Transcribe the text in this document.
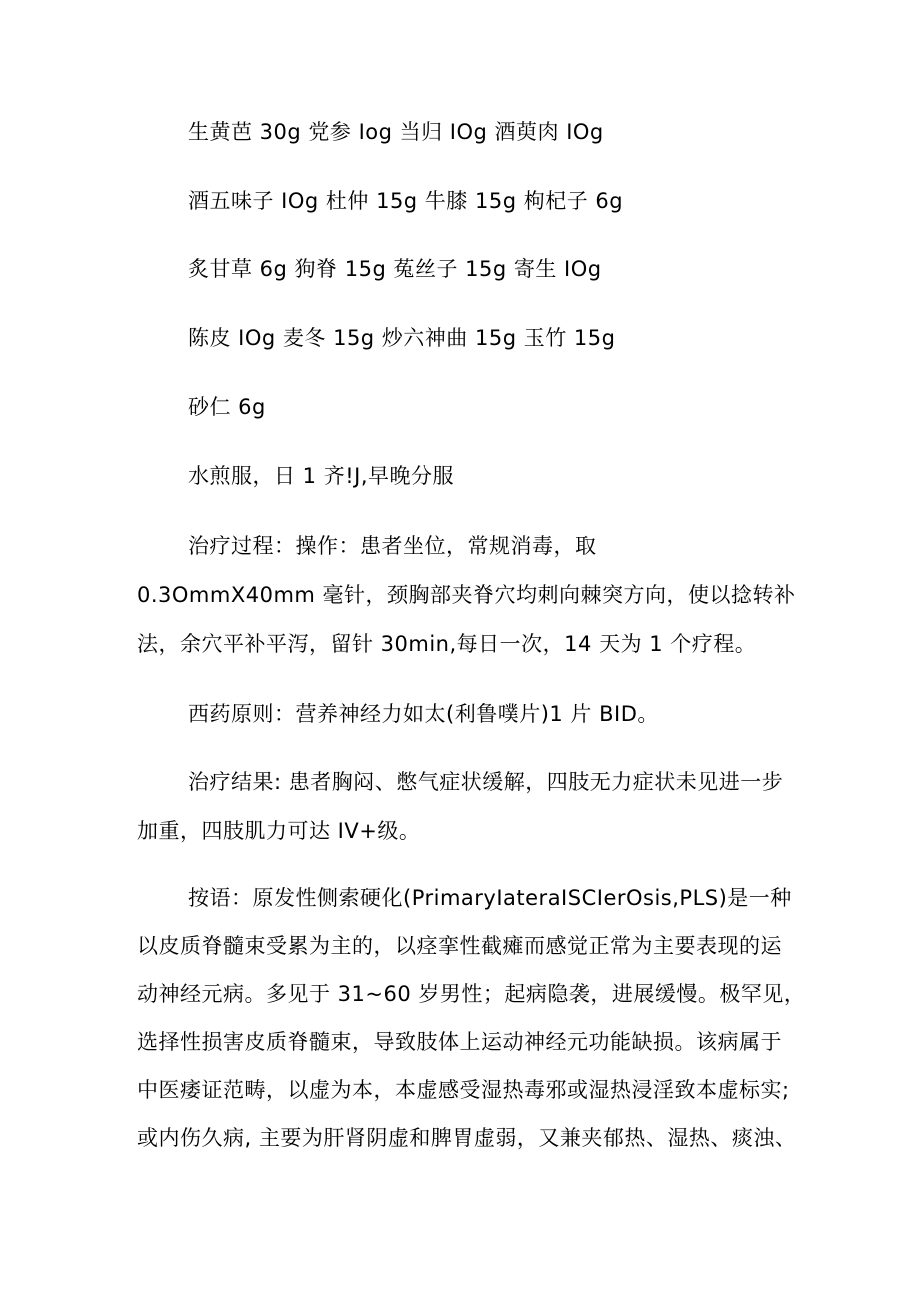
生黄芭 30g 党参 Iog 当归 IOg 酒萸肉 IOg
酒五味子 IOg 杜仲 15g 牛膝 15g 枸杞子 6g
炙甘草 6g 狗脊 15g 菟丝子 15g 寄生 IOg
陈皮 IOg 麦冬 15g 炒六神曲 15g 玉竹 15g
砂仁 6g
水煎服，日 1 齐!J,早晚分服
治疗过程：操作：患者坐位，常规消毒，取
0.3OmmX40mm 毫针，颈胸部夹脊穴均刺向棘突方向，使以捻转补
法，余穴平补平泻，留针 30min,每日一次，14 天为 1 个疗程。
西药原则：营养神经力如太(利鲁噗片)1 片 BID。
治疗结果: 患者胸闷、憋气症状缓解，四肢无力症状未见进一步
加重，四肢肌力可达 IV+级。
按语：原发性侧索硬化(PrimaryIateraISCIerOsis,PLS)是一种
以皮质脊髓束受累为主的，以痉挛性截瘫而感觉正常为主要表现的运
动神经元病。多见于 31~60 岁男性；起病隐袭，进展缓慢。极罕见，
选择性损害皮质脊髓束，导致肢体上运动神经元功能缺损。该病属于
中医痿证范畴，以虚为本，本虚感受湿热毒邪或湿热浸淫致本虚标实;
或内伤久病, 主要为肝肾阴虚和脾胃虚弱，又兼夹郁热、湿热、痰浊、
